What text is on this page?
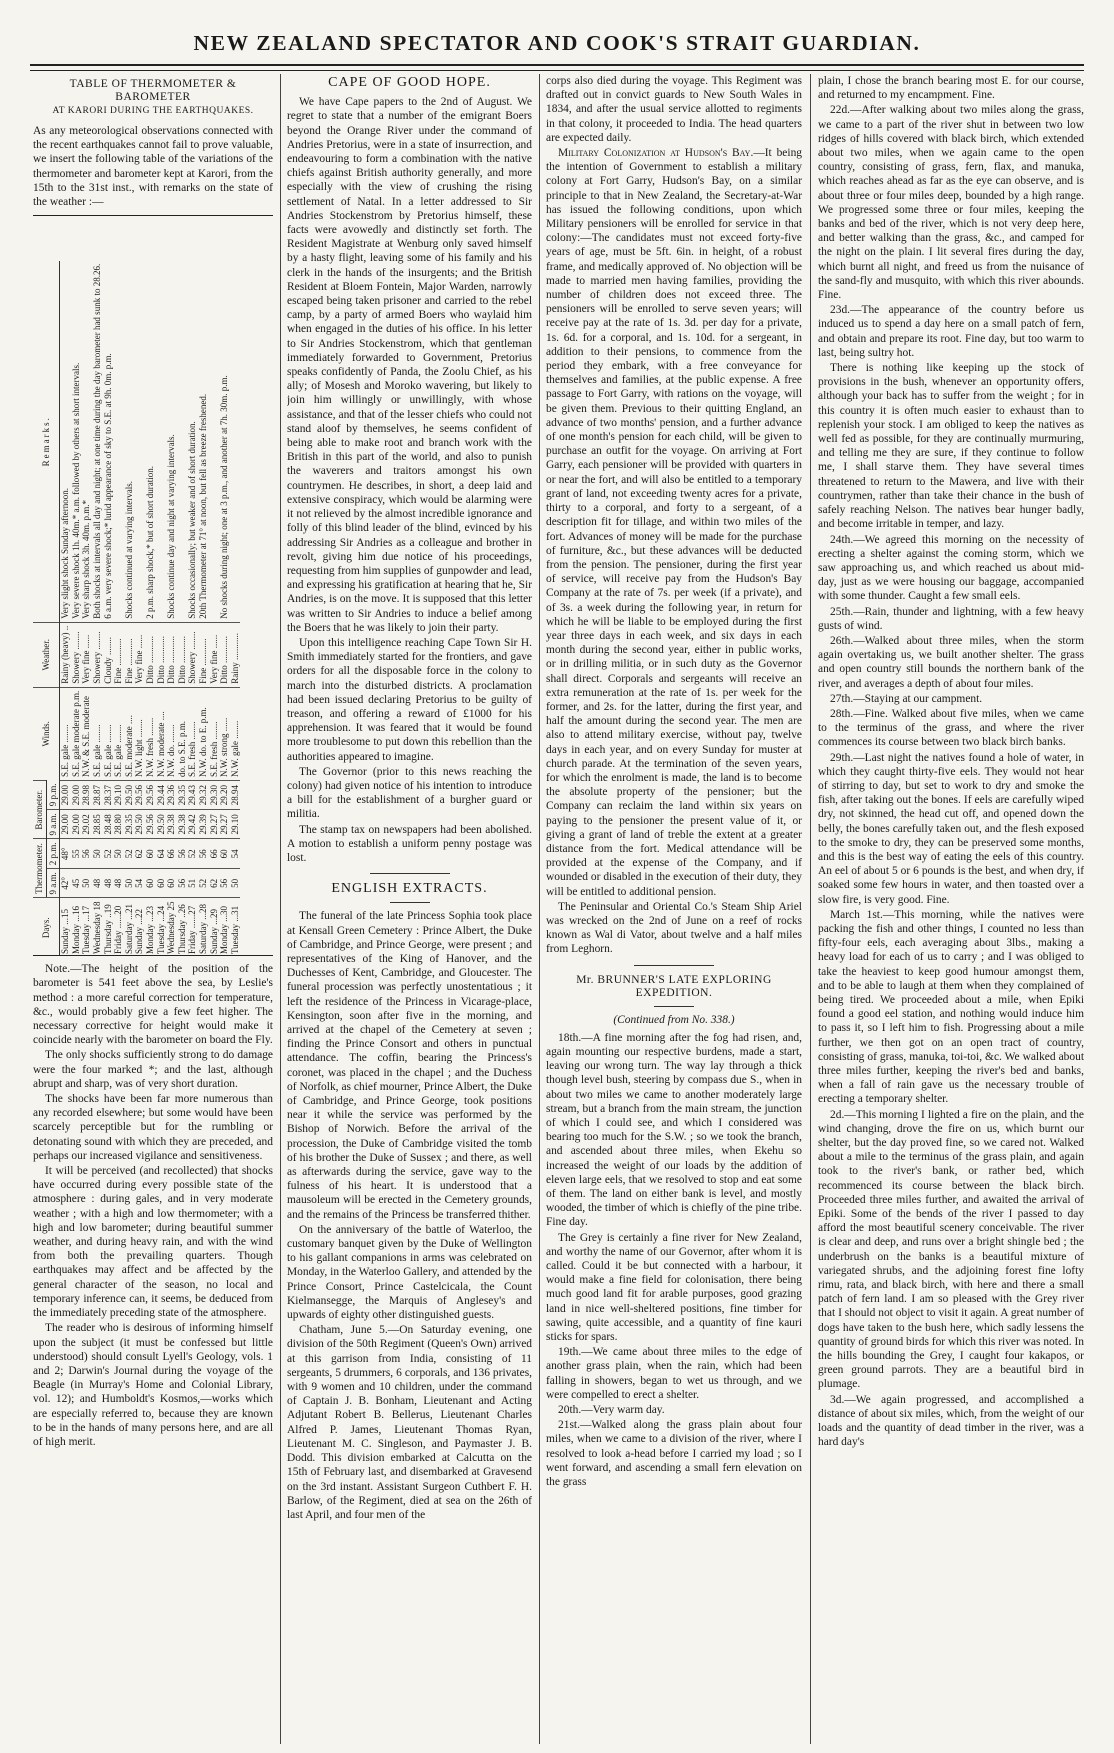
NEW ZEALAND SPECTATOR AND COOK'S STRAIT GUARDIAN.
TABLE OF THERMOMETER & BAROMETER
AT KARORI DURING THE EARTHQUAKES.

As any meteorological observations connected with the recent earthquakes cannot fail to prove valuable, we insert the following table of the variations of the thermometer and barometer kept at Karori, from the 15th to the 31st inst., with remarks on the state of the weather :—

Days.	Thermometer.		Barometer.		Winds.	Weather.	Remarks.
	9 a.m.	2 p.m.	9 a.m.	9 p.m.			
Sunday ...15	42°	48°	29.00	29.00	S.E. gale ........	Rainy (heavy) ..	Very slight shock Sunday afternoon.
Monday ...16	45	55	29.00	29.00	S.E. gale moderate p.m.	Showery ........	Very severe shock 1h. 40m.* a.m. followed by others at short intervals.
Tuesday ...17	50	56	29.02	28.98	N.W. & S.E. moderate	Very fine ......	Very sharp shock 3h. 40m. p.m.*
Wednesday 18	48	50	28.85	28.87	S.E. gale ........	Showery ........	Both shocks at intervals all day and night; at one time during the day barometer had sunk to 28.26.
Thursday ..19	48	52	28.48	28.37	S.E. gale ........	Cloudy ........	6 a.m. very severe shock;* lurid appearance of sky to S.E. at 9h. 0m. p.m.
Friday ......20	48	50	28.80	29.10	S.E. gale ........	Fine ............	
Saturday ...21	50	52	29.35	29.50	S.E. moderate ....	Fine ............	Shocks continued at varying intervals.
Sunday ...22	54	62	29.50	29.56	N.W. light ........	Very fine ......	
Monday ...23	60	60	29.56	29.56	N.W. fresh ........	Ditto ............	2 p.m. sharp shock,* but of short duration.
Tuesday ...24	60	64	29.50	29.44	N.W. moderate ....	Ditto ............	
Wednesday 25	60	66	29.38	29.36	N.W. do. ........	Ditto ............	Shocks continue day and night at varying intervals.
Thursday ..26	56	56	29.38	29.35	do. to S.E. p.m.	Ditto ............	
Friday ......27	51	52	29.42	29.43	S.E. fresh ........	Showery ........	Shocks occasionally; but weaker and of short duration.
Saturday ...28	52	56	29.39	29.32	N.W. do. to E. p.m.	Fine ............	20th Thermometer at 71° at noon, but fell as breeze freshened.
Sunday ...29	62	66	29.27	29.30	S.E. fresh ........	Very fine ......	
Monday ...30	56	60	29.27	29.20	N.W. strong ......	Ditto ............	No shocks during night; one at 3 p.m., and another at 7h. 30m. p.m.
Tuesday ...31	50	54	29.10	28.94	N.W. gale ........	Rainy ............	

Note.—The height of the position of the barometer is 541 feet above the sea, by Leslie's method : a more careful correction for temperature, &c., would probably give a few feet higher. The necessary corrective for height would make it coincide nearly with the barometer on board the Fly.

The only shocks sufficiently strong to do damage were the four marked *; and the last, although abrupt and sharp, was of very short duration.

The shocks have been far more numerous than any recorded elsewhere; but some would have been scarcely perceptible but for the rumbling or detonating sound with which they are preceded, and perhaps our increased vigilance and sensitiveness.

It will be perceived (and recollected) that shocks have occurred during every possible state of the atmosphere : during gales, and in very moderate weather ; with a high and low thermometer; with a high and low barometer; during beautiful summer weather, and during heavy rain, and with the wind from both the prevailing quarters. Though earthquakes may affect and be affected by the general character of the season, no local and temporary inference can, it seems, be deduced from the immediately preceding state of the atmosphere.

The reader who is desirous of informing himself upon the subject (it must be confessed but little understood) should consult Lyell's Geology, vols. 1 and 2; Darwin's Journal during the voyage of the Beagle (in Murray's Home and Colonial Library, vol. 12); and Humboldt's Kosmos,—works which are especially referred to, because they are known to be in the hands of many persons here, and are all of high merit.

CAPE OF GOOD HOPE.

We have Cape papers to the 2nd of August. We regret to state that a number of the emigrant Boers beyond the Orange River under the command of Andries Pretorius, were in a state of insurrection, and endeavouring to form a combination with the native chiefs against British authority generally, and more especially with the view of crushing the rising settlement of Natal. In a letter addressed to Sir Andries Stockenstrom by Pretorius himself, these facts were avowedly and distinctly set forth. The Resident Magistrate at Wenburg only saved himself by a hasty flight, leaving some of his family and his clerk in the hands of the insurgents; and the British Resident at Bloem Fontein, Major Warden, narrowly escaped being taken prisoner and carried to the rebel camp, by a party of armed Boers who waylaid him when engaged in the duties of his office. In his letter to Sir Andries Stockenstrom, which that gentleman immediately forwarded to Government, Pretorius speaks confidently of Panda, the Zoolu Chief, as his ally; of Mosesh and Moroko wavering, but likely to join him willingly or unwillingly, with whose assistance, and that of the lesser chiefs who could not stand aloof by themselves, he seems confident of being able to make root and branch work with the British in this part of the world, and also to punish the waverers and traitors amongst his own countrymen. He describes, in short, a deep laid and extensive conspiracy, which would be alarming were it not relieved by the almost incredible ignorance and folly of this blind leader of the blind, evinced by his addressing Sir Andries as a colleague and brother in revolt, giving him due notice of his proceedings, requesting from him supplies of gunpowder and lead, and expressing his gratification at hearing that he, Sir Andries, is on the move. It is supposed that this letter was written to Sir Andries to induce a belief among the Boers that he was likely to join their party.

Upon this intelligence reaching Cape Town Sir H. Smith immediately started for the frontiers, and gave orders for all the disposable force in the colony to march into the disturbed districts. A proclamation had been issued declaring Pretorius to be guilty of treason, and offering a reward of £1000 for his apprehension. It was feared that it would be found more troublesome to put down this rebellion than the authorities appeared to imagine.

The Governor (prior to this news reaching the colony) had given notice of his intention to introduce a bill for the establishment of a burgher guard or militia.

The stamp tax on newspapers had been abolished. A motion to establish a uniform penny postage was lost.

ENGLISH EXTRACTS.

The funeral of the late Princess Sophia took place at Kensall Green Cemetery : Prince Albert, the Duke of Cambridge, and Prince George, were present ; and representatives of the King of Hanover, and the Duchesses of Kent, Cambridge, and Gloucester. The funeral procession was perfectly unostentatious ; it left the residence of the Princess in Vicarage-place, Kensington, soon after five in the morning, and arrived at the chapel of the Cemetery at seven ; finding the Prince Consort and others in punctual attendance. The coffin, bearing the Princess's coronet, was placed in the chapel ; and the Duchess of Norfolk, as chief mourner, Prince Albert, the Duke of Cambridge, and Prince George, took positions near it while the service was performed by the Bishop of Norwich. Before the arrival of the procession, the Duke of Cambridge visited the tomb of his brother the Duke of Sussex ; and there, as well as afterwards during the service, gave way to the fulness of his heart. It is understood that a mausoleum will be erected in the Cemetery grounds, and the remains of the Princess be transferred thither.

On the anniversary of the battle of Waterloo, the customary banquet given by the Duke of Wellington to his gallant companions in arms was celebrated on Monday, in the Waterloo Gallery, and attended by the Prince Consort, Prince Castelcicala, the Count Kielmansegge, the Marquis of Anglesey's and upwards of eighty other distinguished guests.

Chatham, June 5.—On Saturday evening, one division of the 50th Regiment (Queen's Own) arrived at this garrison from India, consisting of 11 sergeants, 5 drummers, 6 corporals, and 136 privates, with 9 women and 10 children, under the command of Captain J. B. Bonham, Lieutenant and Acting Adjutant Robert B. Bellerus, Lieutenant Charles Alfred P. James, Lieutenant Thomas Ryan, Lieutenant M. C. Singleson, and Paymaster J. B. Dodd. This division embarked at Calcutta on the 15th of February last, and disembarked at Gravesend on the 3rd instant. Assistant Surgeon Cuthbert F. H. Barlow, of the Regiment, died at sea on the 26th of last April, and four men of the

corps also died during the voyage. This Regiment was drafted out in convict guards to New South Wales in 1834, and after the usual service allotted to regiments in that colony, it proceeded to India. The head quarters are expected daily.

Military Colonization at Hudson's Bay.—It being the intention of Government to establish a military colony at Fort Garry, Hudson's Bay, on a similar principle to that in New Zealand, the Secretary-at-War has issued the following conditions, upon which Military pensioners will be enrolled for service in that colony:—The candidates must not exceed forty-five years of age, must be 5ft. 6in. in height, of a robust frame, and medically approved of. No objection will be made to married men having families, providing the number of children does not exceed three. The pensioners will be enrolled to serve seven years; will receive pay at the rate of 1s. 3d. per day for a private, 1s. 6d. for a corporal, and 1s. 10d. for a sergeant, in addition to their pensions, to commence from the period they embark, with a free conveyance for themselves and families, at the public expense. A free passage to Fort Garry, with rations on the voyage, will be given them. Previous to their quitting England, an advance of two months' pension, and a further advance of one month's pension for each child, will be given to purchase an outfit for the voyage. On arriving at Fort Garry, each pensioner will be provided with quarters in or near the fort, and will also be entitled to a temporary grant of land, not exceeding twenty acres for a private, thirty to a corporal, and forty to a sergeant, of a description fit for tillage, and within two miles of the fort. Advances of money will be made for the purchase of furniture, &c., but these advances will be deducted from the pension. The pensioner, during the first year of service, will receive pay from the Hudson's Bay Company at the rate of 7s. per week (if a private), and of 3s. a week during the following year, in return for which he will be liable to be employed during the first year three days in each week, and six days in each month during the second year, either in public works, or in drilling militia, or in such duty as the Governor shall direct. Corporals and sergeants will receive an extra remuneration at the rate of 1s. per week for the former, and 2s. for the latter, during the first year, and half the amount during the second year. The men are also to attend military exercise, without pay, twelve days in each year, and on every Sunday for muster at church parade. At the termination of the seven years, for which the enrolment is made, the land is to become the absolute property of the pensioner; but the Company can reclaim the land within six years on paying to the pensioner the present value of it, or giving a grant of land of treble the extent at a greater distance from the fort. Medical attendance will be provided at the expense of the Company, and if wounded or disabled in the execution of their duty, they will be entitled to additional pension.

The Peninsular and Oriental Co.'s Steam Ship Ariel was wrecked on the 2nd of June on a reef of rocks known as Wal di Vator, about twelve and a half miles from Leghorn.

Mr. BRUNNER'S LATE EXPLORING EXPEDITION.
(Continued from No. 338.)

18th.—A fine morning after the fog had risen, and, again mounting our respective burdens, made a start, leaving our wrong turn. The way lay through a thick though level bush, steering by compass due S., when in about two miles we came to another moderately large stream, but a branch from the main stream, the junction of which I could see, and which I considered was bearing too much for the S.W. ; so we took the branch, and ascended about three miles, when Ekehu so increased the weight of our loads by the addition of eleven large eels, that we resolved to stop and eat some of them. The land on either bank is level, and mostly wooded, the timber of which is chiefly of the pine tribe. Fine day.

The Grey is certainly a fine river for New Zealand, and worthy the name of our Governor, after whom it is called. Could it be but connected with a harbour, it would make a fine field for colonisation, there being much good land fit for arable purposes, good grazing land in nice well-sheltered positions, fine timber for sawing, quite accessible, and a quantity of fine kauri sticks for spars.

19th.—We came about three miles to the edge of another grass plain, when the rain, which had been falling in showers, began to wet us through, and we were compelled to erect a shelter.

20th.—Very warm day.

21st.—Walked along the grass plain about four miles, when we came to a division of the river, where I resolved to look a-head before I carried my load ; so I went forward, and ascending a small fern elevation on the grass

plain, I chose the branch bearing most E. for our course, and returned to my encampment. Fine.

22d.—After walking about two miles along the grass, we came to a part of the river shut in between two low ridges of hills covered with black birch, which extended about two miles, when we again came to the open country, consisting of grass, fern, flax, and manuka, which reaches ahead as far as the eye can observe, and is about three or four miles deep, bounded by a high range. We progressed some three or four miles, keeping the banks and bed of the river, which is not very deep here, and better walking than the grass, &c., and camped for the night on the plain. I lit several fires during the day, which burnt all night, and freed us from the nuisance of the sand-fly and musquito, with which this river abounds. Fine.

23d.—The appearance of the country before us induced us to spend a day here on a small patch of fern, and obtain and prepare its root. Fine day, but too warm to last, being sultry hot.

There is nothing like keeping up the stock of provisions in the bush, whenever an opportunity offers, although your back has to suffer from the weight ; for in this country it is often much easier to exhaust than to replenish your stock. I am obliged to keep the natives as well fed as possible, for they are continually murmuring, and telling me they are sure, if they continue to follow me, I shall starve them. They have several times threatened to return to the Mawera, and live with their countrymen, rather than take their chance in the bush of safely reaching Nelson. The natives bear hunger badly, and become irritable in temper, and lazy.

24th.—We agreed this morning on the necessity of erecting a shelter against the coming storm, which we saw approaching us, and which reached us about mid-day, just as we were housing our baggage, accompanied with some thunder. Caught a few small eels.

25th.—Rain, thunder and lightning, with a few heavy gusts of wind.

26th.—Walked about three miles, when the storm again overtaking us, we built another shelter. The grass and open country still bounds the northern bank of the river, and averages a depth of about four miles.

27th.—Staying at our campment.

28th.—Fine. Walked about five miles, when we came to the terminus of the grass, and where the river commences its course between two black birch banks.

29th.—Last night the natives found a hole of water, in which they caught thirty-five eels. They would not hear of stirring to day, but set to work to dry and smoke the fish, after taking out the bones. If eels are carefully wiped dry, not skinned, the head cut off, and opened down the belly, the bones carefully taken out, and the flesh exposed to the smoke to dry, they can be preserved some months, and this is the best way of eating the eels of this country. An eel of about 5 or 6 pounds is the best, and when dry, if soaked some few hours in water, and then toasted over a slow fire, is very good. Fine.

March 1st.—This morning, while the natives were packing the fish and other things, I counted no less than fifty-four eels, each averaging about 3lbs., making a heavy load for each of us to carry ; and I was obliged to take the heaviest to keep good humour amongst them, and to be able to laugh at them when they complained of being tired. We proceeded about a mile, when Epiki found a good eel station, and nothing would induce him to pass it, so I left him to fish. Progressing about a mile further, we then got on an open tract of country, consisting of grass, manuka, toi-toi, &c. We walked about three miles further, keeping the river's bed and banks, when a fall of rain gave us the necessary trouble of erecting a temporary shelter.

2d.—This morning I lighted a fire on the plain, and the wind changing, drove the fire on us, which burnt our shelter, but the day proved fine, so we cared not. Walked about a mile to the terminus of the grass plain, and again took to the river's bank, or rather bed, which recommenced its course between the black birch. Proceeded three miles further, and awaited the arrival of Epiki. Some of the bends of the river I passed to day afford the most beautiful scenery conceivable. The river is clear and deep, and runs over a bright shingle bed ; the underbrush on the banks is a beautiful mixture of variegated shrubs, and the adjoining forest fine lofty rimu, rata, and black birch, with here and there a small patch of fern land. I am so pleased with the Grey river that I should not object to visit it again. A great number of dogs have taken to the bush here, which sadly lessens the quantity of ground birds for which this river was noted. In the hills bounding the Grey, I caught four kakapos, or green ground parrots. They are a beautiful bird in plumage.

3d.—We again progressed, and accomplished a distance of about six miles, which, from the weight of our loads and the quantity of dead timber in the river, was a hard day's
